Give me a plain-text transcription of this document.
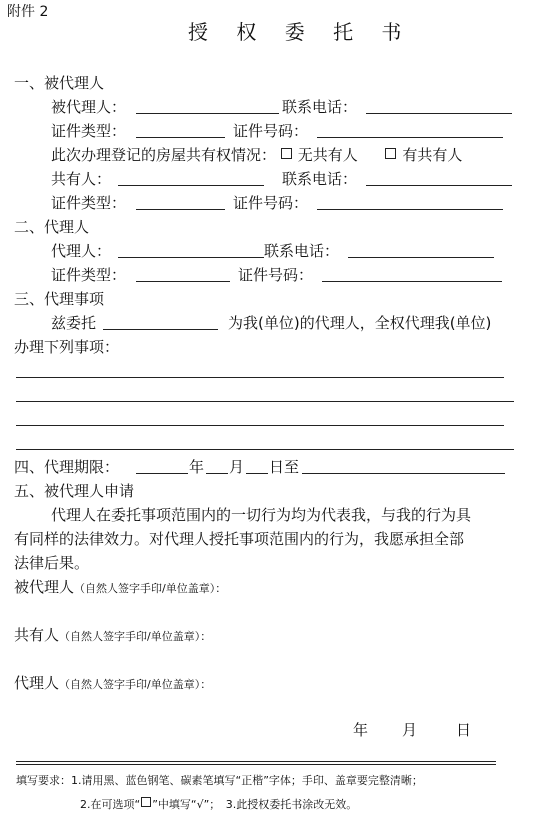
附件 2
授 权 委 托 书
一、被代理人
被代理人：	联系电话：
证件类型：	证件号码：
此次办理登记的房屋共有权情况： 无共有人	有共有人
共有人：	联系电话：
证件类型：	证件号码：
二、代理人
代理人：	联系电话：
证件类型：	证件号码：
三、代理事项
兹委托	为我(单位)的代理人，全权代理我(单位)
办理下列事项：
四、代理期限：	年 月 日至
五、被代理人申请
代理人在委托事项范围内的一切行为均为代表我，与我的行为具
有同样的法律效力。对代理人授托事项范围内的行为，我愿承担全部
法律后果。
被代理人（自然人签字手印/单位盖章）：
共有人（自然人签字手印/单位盖章）：
代理人（自然人签字手印/单位盖章）：
年 月	日
填写要求：1.请用黑、蓝色钢笔、碳素笔填写“正楷”字体；手印、盖章要完整清晰；
2.在可选项“ ”中填写“√”；　3.此授权委托书涂改无效。
